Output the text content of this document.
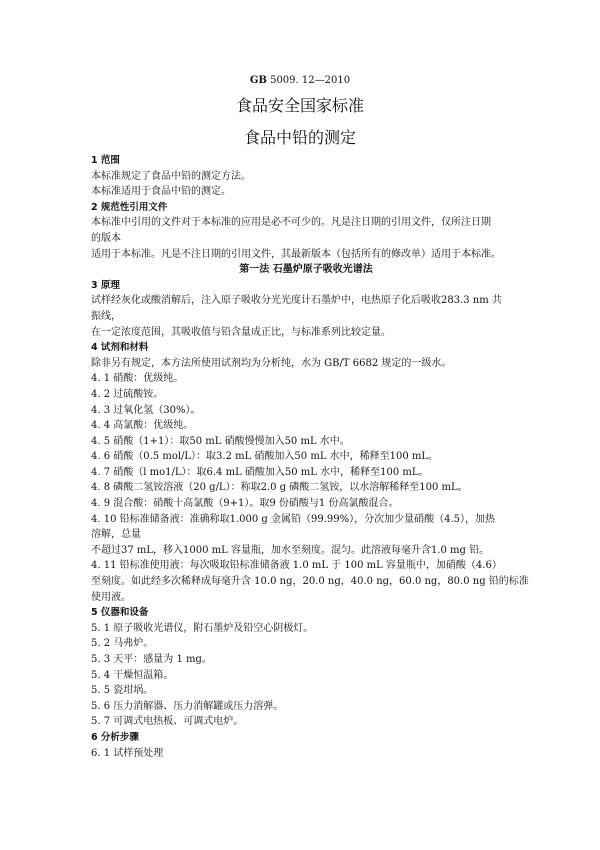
GB 5009. 12—2010
食品安全国家标准
食品中铅的测定
1 范围
本标准规定了食品中铅的测定方法。
本标准适用于食品中铅的测定。
2 规范性引用文件
本标准中引用的文件对于本标准的应用是必不可少的。凡是注日期的引用文件，仅所注日期
的版本
适用于本标准。凡是不注日期的引用文件，其最新版本（包括所有的修改单）适用于本标准。
第一法 石墨炉原子吸收光谱法
3 原理
试样经灰化或酸消解后，注入原子吸收分光光度计石墨炉中，电热原子化后吸收283.3 nm 共
振线，
在一定浓度范围，其吸收值与铅含量成正比，与标准系列比较定量。
4 试剂和材料
除非另有规定，本方法所使用试剂均为分析纯，水为 GB/T 6682 规定的一级水。
4. 1 硝酸：优级纯。
4. 2 过硫酸铵。
4. 3 过氧化氢（30%）。
4. 4 高氯酸：优级纯。
4. 5 硝酸（1+1）：取50 mL 硝酸慢慢加入50 mL 水中。
4. 6 硝酸（0.5 mol/L）：取3.2 mL 硝酸加入50 mL 水中，稀释至100 mL。
4. 7 硝酸（l mo1/L）：取6.4 mL 硝酸加入50 mL 水中，稀释至100 mL。
4. 8 磷酸二氢铵溶液（20 g/L）：称取2.0 g 磷酸二氢铵，以水溶解稀释至100 mL。
4. 9 混合酸：硝酸十高氯酸（9+1）。取9 份硝酸与1 份高氯酸混合。
4. 10 铅标准储备液：准确称取1.000 g 金属铅（99.99%），分次加少量硝酸（4.5），加热
溶解，总量
不超过37 mL，移入1000 mL 容量瓶，加水至刻度。混匀。此溶液每毫升含1.0 mg 铅。
4. 11 铅标准使用液：每次吸取铅标准储备液 1.0 mL 于 100 mL 容量瓶中，加硝酸（4.6）
至刻度。如此经多次稀释成每毫升含 10.0 ng，20.0 ng，40.0 ng，60.0 ng，80.0 ng 铅的标准
使用液。
5 仪器和设备
5. 1 原子吸收光谱仪，附石墨炉及铅空心阴极灯。
5. 2 马弗炉。
5. 3 天平：感量为 1 mg。
5. 4 干燥恒温箱。
5. 5 瓷坩埚。
5. 6 压力消解器、压力消解罐或压力溶弹。
5. 7 可调式电热板、可调式电炉。
6 分析步骤
6. 1 试样预处理
